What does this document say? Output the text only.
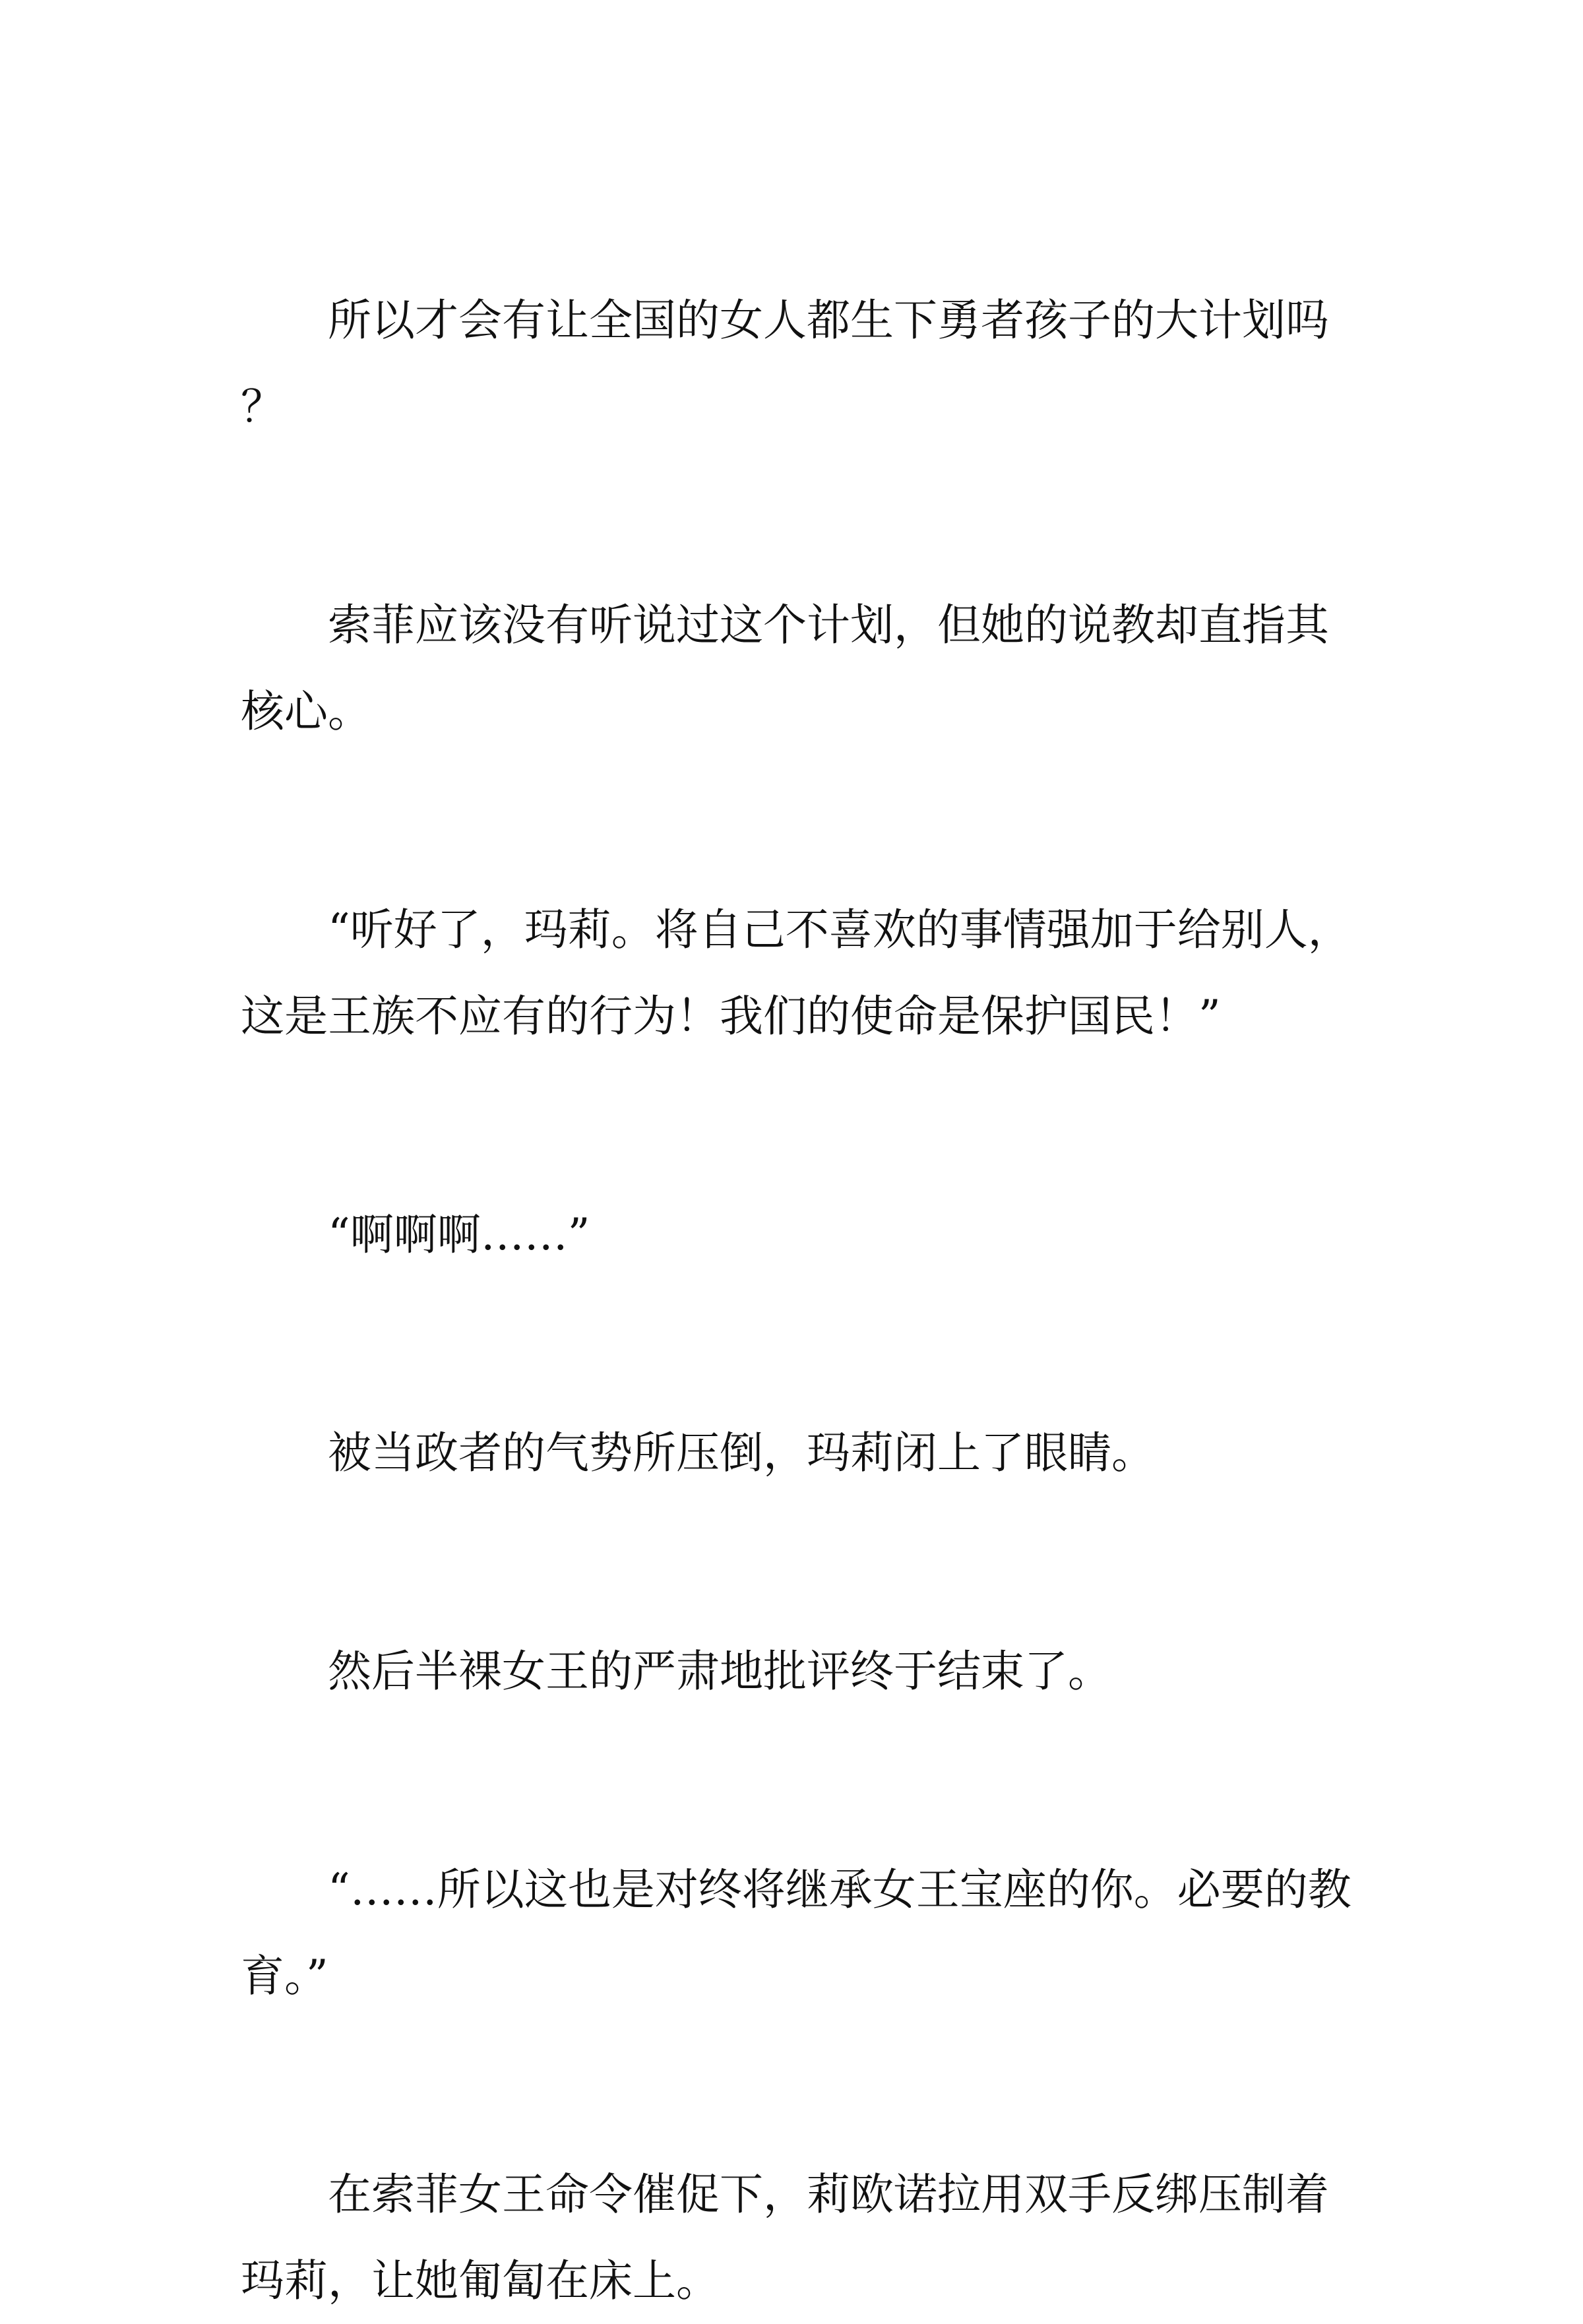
所以才会有让全国的女人都生下勇者孩子的大计划吗？

索菲应该没有听说过这个计划，但她的说教却直指其核心。

“听好了，玛莉。将自己不喜欢的事情强加于给别人，这是王族不应有的行为！我们的使命是保护国民！”

“啊啊啊……”

被当政者的气势所压倒，玛莉闭上了眼睛。

然后半裸女王的严肃地批评终于结束了。

“……所以这也是对终将继承女王宝座的你。必要的教育。”

在索菲女王命令催促下，莉欧诺拉用双手反绑压制着玛莉，让她匍匐在床上。
